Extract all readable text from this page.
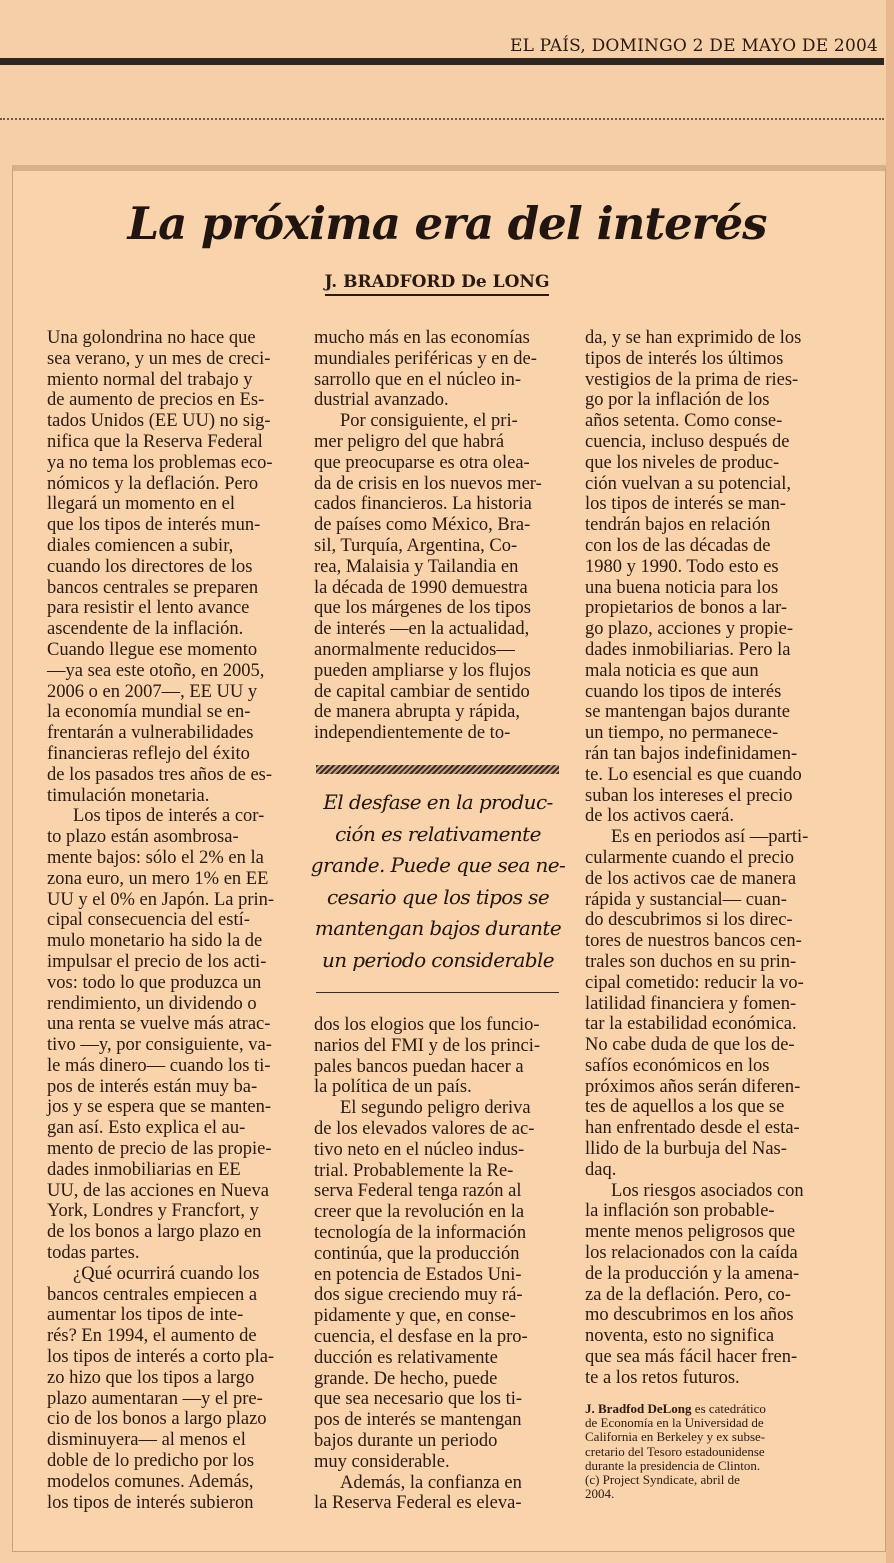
EL PAÍS, DOMINGO 2 DE MAYO DE 2004
La próxima era del interés
J. BRADFORD De LONG
Una golondrina no hace que
sea verano, y un mes de creci-
miento normal del trabajo y
de aumento de precios en Es-
tados Unidos (EE UU) no sig-
nifica que la Reserva Federal
ya no tema los problemas eco-
nómicos y la deflación. Pero
llegará un momento en el
que los tipos de interés mun-
diales comiencen a subir,
cuando los directores de los
bancos centrales se preparen
para resistir el lento avance
ascendente de la inflación.
Cuando llegue ese momento
—ya sea este otoño, en 2005,
2006 o en 2007—, EE UU y
la economía mundial se en-
frentarán a vulnerabilidades
financieras reflejo del éxito
de los pasados tres años de es-
timulación monetaria.
Los tipos de interés a cor-
to plazo están asombrosa-
mente bajos: sólo el 2% en la
zona euro, un mero 1% en EE
UU y el 0% en Japón. La prin-
cipal consecuencia del estí-
mulo monetario ha sido la de
impulsar el precio de los acti-
vos: todo lo que produzca un
rendimiento, un dividendo o
una renta se vuelve más atrac-
tivo —y, por consiguiente, va-
le más dinero— cuando los ti-
pos de interés están muy ba-
jos y se espera que se manten-
gan así. Esto explica el au-
mento de precio de las propie-
dades inmobiliarias en EE
UU, de las acciones en Nueva
York, Londres y Francfort, y
de los bonos a largo plazo en
todas partes.
¿Qué ocurrirá cuando los
bancos centrales empiecen a
aumentar los tipos de inte-
rés? En 1994, el aumento de
los tipos de interés a corto pla-
zo hizo que los tipos a largo
plazo aumentaran —y el pre-
cio de los bonos a largo plazo
disminuyera— al menos el
doble de lo predicho por los
modelos comunes. Además,
los tipos de interés subieron
mucho más en las economías
mundiales periféricas y en de-
sarrollo que en el núcleo in-
dustrial avanzado.
Por consiguiente, el pri-
mer peligro del que habrá
que preocuparse es otra olea-
da de crisis en los nuevos mer-
cados financieros. La historia
de países como México, Bra-
sil, Turquía, Argentina, Co-
rea, Malaisia y Tailandia en
la década de 1990 demuestra
que los márgenes de los tipos
de interés —en la actualidad,
anormalmente reducidos—
pueden ampliarse y los flujos
de capital cambiar de sentido
de manera abrupta y rápida,
independientemente de to-
El desfase en la produc-
ción es relativamente
grande. Puede que sea ne-
cesario que los tipos se
mantengan bajos durante
un periodo considerable
dos los elogios que los funcio-
narios del FMI y de los princi-
pales bancos puedan hacer a
la política de un país.
El segundo peligro deriva
de los elevados valores de ac-
tivo neto en el núcleo indus-
trial. Probablemente la Re-
serva Federal tenga razón al
creer que la revolución en la
tecnología de la información
continúa, que la producción
en potencia de Estados Uni-
dos sigue creciendo muy rá-
pidamente y que, en conse-
cuencia, el desfase en la pro-
ducción es relativamente
grande. De hecho, puede
que sea necesario que los ti-
pos de interés se mantengan
bajos durante un periodo
muy considerable.
Además, la confianza en
la Reserva Federal es eleva-
da, y se han exprimido de los
tipos de interés los últimos
vestigios de la prima de ries-
go por la inflación de los
años setenta. Como conse-
cuencia, incluso después de
que los niveles de produc-
ción vuelvan a su potencial,
los tipos de interés se man-
tendrán bajos en relación
con los de las décadas de
1980 y 1990. Todo esto es
una buena noticia para los
propietarios de bonos a lar-
go plazo, acciones y propie-
dades inmobiliarias. Pero la
mala noticia es que aun
cuando los tipos de interés
se mantengan bajos durante
un tiempo, no permanece-
rán tan bajos indefinidamen-
te. Lo esencial es que cuando
suban los intereses el precio
de los activos caerá.
Es en periodos así —parti-
cularmente cuando el precio
de los activos cae de manera
rápida y sustancial— cuan-
do descubrimos si los direc-
tores de nuestros bancos cen-
trales son duchos en su prin-
cipal cometido: reducir la vo-
latilidad financiera y fomen-
tar la estabilidad económica.
No cabe duda de que los de-
safíos económicos en los
próximos años serán diferen-
tes de aquellos a los que se
han enfrentado desde el esta-
llido de la burbuja del Nas-
daq.
Los riesgos asociados con
la inflación son probable-
mente menos peligrosos que
los relacionados con la caída
de la producción y la amena-
za de la deflación. Pero, co-
mo descubrimos en los años
noventa, esto no significa
que sea más fácil hacer fren-
te a los retos futuros.
J. Bradfod DeLong es catedrático
de Economía en la Universidad de
California en Berkeley y ex subse-
cretario del Tesoro estadounidense
durante la presidencia de Clinton.
(c) Project Syndicate, abril de
2004.
